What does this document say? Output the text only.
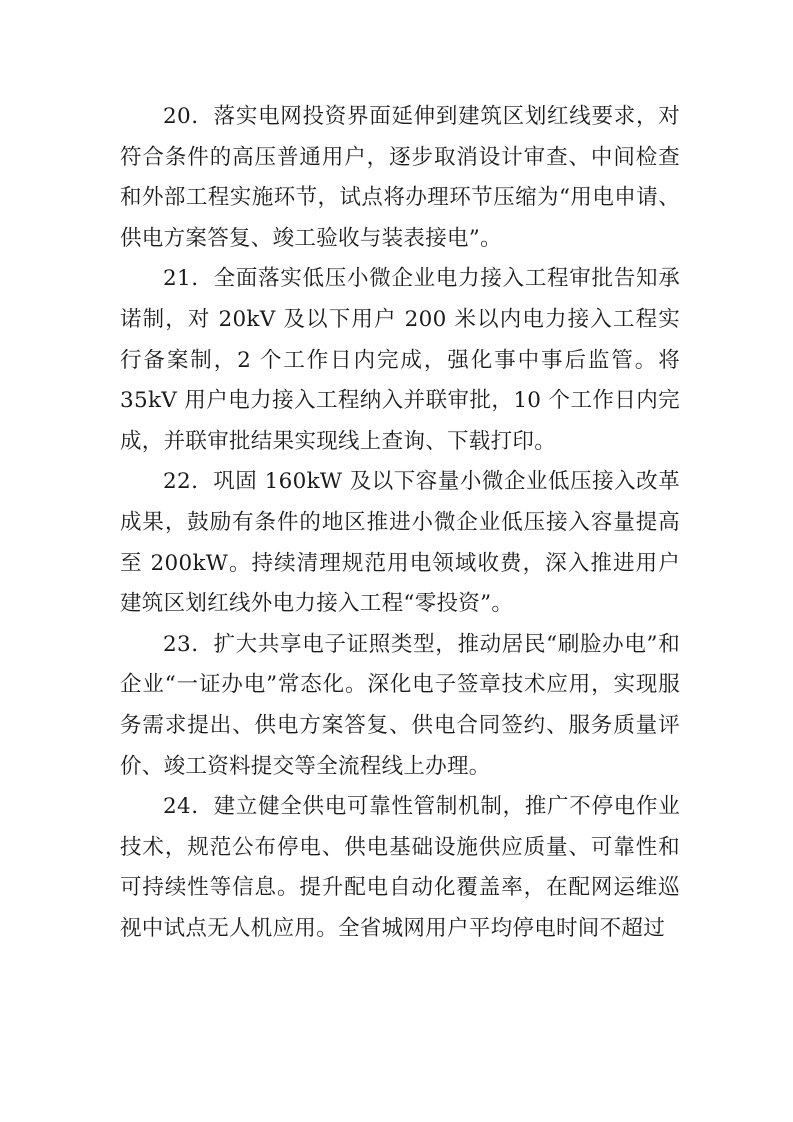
20．落实电网投资界面延伸到建筑区划红线要求，对符合条件的高压普通用户，逐步取消设计审查、中间检查和外部工程实施环节，试点将办理环节压缩为“用电申请、供电方案答复、竣工验收与装表接电”。

21．全面落实低压小微企业电力接入工程审批告知承诺制，对 20kV 及以下用户 200 米以内电力接入工程实行备案制，2 个工作日内完成，强化事中事后监管。将 35kV 用户电力接入工程纳入并联审批，10 个工作日内完成，并联审批结果实现线上查询、下载打印。

22．巩固 160kW 及以下容量小微企业低压接入改革成果，鼓励有条件的地区推进小微企业低压接入容量提高至 200kW。持续清理规范用电领域收费，深入推进用户建筑区划红线外电力接入工程“零投资”。

23．扩大共享电子证照类型，推动居民“刷脸办电”和企业“一证办电”常态化。深化电子签章技术应用，实现服务需求提出、供电方案答复、供电合同签约、服务质量评价、竣工资料提交等全流程线上办理。

24．建立健全供电可靠性管制机制，推广不停电作业技术，规范公布停电、供电基础设施供应质量、可靠性和可持续性等信息。提升配电自动化覆盖率，在配网运维巡视中试点无人机应用。全省城网用户平均停电时间不超过
